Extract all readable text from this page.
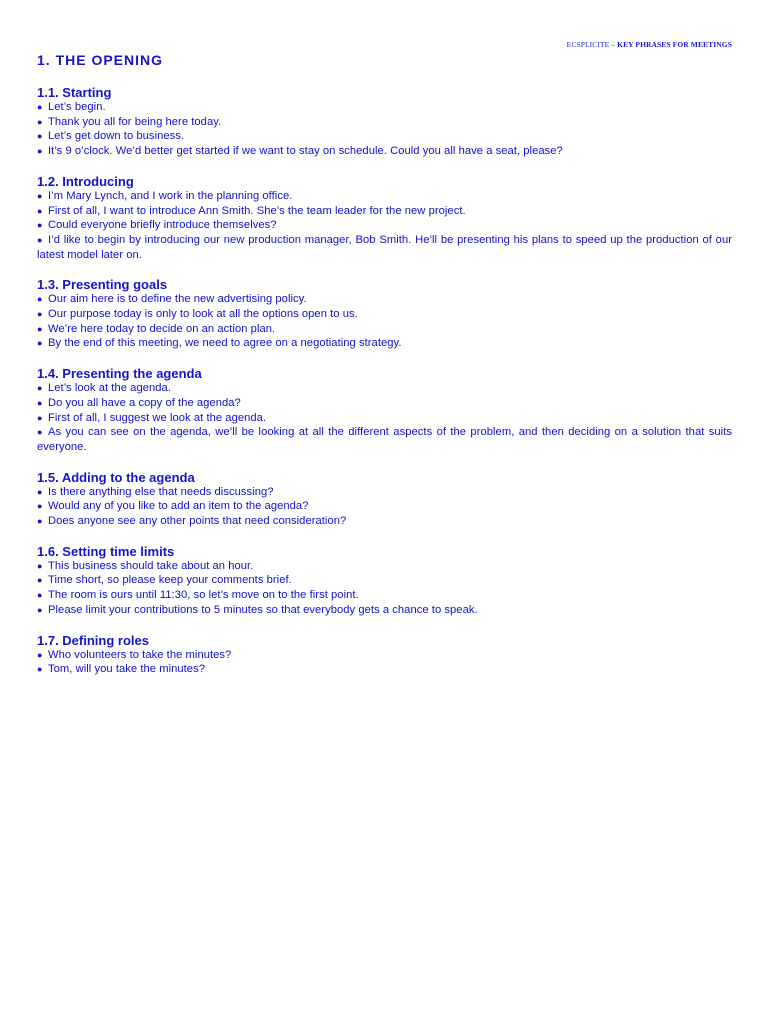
ECSPLICITE – KEY PHRASES FOR MEETINGS
1. THE OPENING
1.1. Starting
● Let’s begin.
● Thank you all for being here today.
● Let’s get down to business.
● It’s 9 o’clock. We’d better get started if we want to stay on schedule. Could you all have a seat, please?
1.2. Introducing
● I’m Mary Lynch, and I work in the planning office.
● First of all, I want to introduce Ann Smith. She’s the team leader for the new project.
● Could everyone briefly introduce themselves?
● I’d like to begin by introducing our new production manager, Bob Smith. He’ll be presenting his plans to speed up the production of our latest model later on.
1.3. Presenting goals
● Our aim here is to define the new advertising policy.
● Our purpose today is only to look at all the options open to us.
● We’re here today to decide on an action plan.
● By the end of this meeting, we need to agree on a negotiating strategy.
1.4. Presenting the agenda
● Let’s look at the agenda.
● Do you all have a copy of the agenda?
● First of all, I suggest we look at the agenda.
● As you can see on the agenda, we’ll be looking at all the different aspects of the problem, and then deciding on a solution that suits everyone.
1.5. Adding to the agenda
● Is there anything else that needs discussing?
● Would any of you like to add an item to the agenda?
● Does anyone see any other points that need consideration?
1.6. Setting time limits
● This business should take about an hour.
● Time short, so please keep your comments brief.
● The room is ours until 11:30, so let’s move on to the first point.
● Please limit your contributions to 5 minutes so that everybody gets a chance to speak.
1.7. Defining roles
● Who volunteers to take the minutes?
● Tom, will you take the minutes?
